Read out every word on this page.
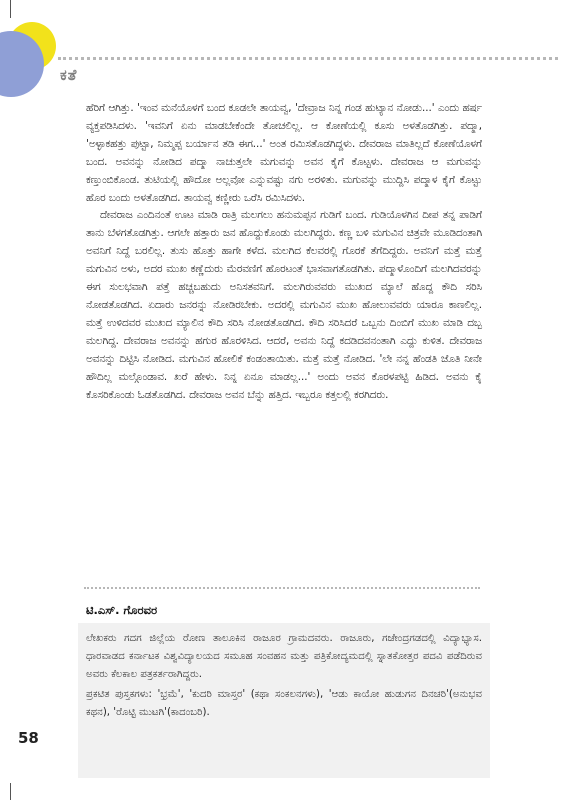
ಕತೆ

ಹೆರಿಗೆ ಆಗಿತ್ತು. 'ಇಂವ ಮನೆಯೊಳಗೆ ಬಂದ ಕೂಡಲೇ ತಾಯವ್ವ, 'ದೇವ್ರಾಜ ನಿನ್ನ ಗಂಡ ಹುಟ್ಯಾನ ನೋಡು...' ಎಂದು ಹರ್ಷ ವ್ಯಕ್ತಪಡಿಸಿದಳು. 'ಇವನಿಗೆ ಏನು ಮಾಡಬೇಕೆಂದೇ ತೋಚಲಿಲ್ಲ. ಆ ಕೋಣೆಯಲ್ಲಿ ಕೂಸು ಅಳತೊಡಗಿತ್ತು. ಪದ್ಮಾ, 'ಅಳ್ಳಾಕಹತ್ತು ಪುಟ್ಟಾ, ನಿಮ್ಮಪ್ಪ ಬರ್ಯಾನ ತಡಿ ಈಗ...' ಅಂತ ರಮಿಸತೊಡಗಿದ್ದಳು. ದೇವರಾಜ ಮಾತಿಲ್ಲದೆ ಕೋಣೆಯೊಳಗೆ ಬಂದ. ಅವನನ್ನು ನೋಡಿದ ಪದ್ಮಾ ನಾಚುತ್ತಲೇ ಮಗುವನ್ನು ಅವನ ಕೈಗೆ ಕೊಟ್ಟಳು. ದೇವರಾಜ ಆ ಮಗುವನ್ನು ಕಣ್ತುಂಬಿಕೊಂಡ. ತುಟಿಯಲ್ಲಿ ಹೌದೋ ಅಲ್ಲವೋ ಎನ್ನುವಷ್ಟು ನಗು ಅರಳಿತು. ಮಗುವನ್ನು ಮುದ್ದಿಸಿ ಪದ್ಮಾಳ ಕೈಗೆ ಕೊಟ್ಟು ಹೊರ ಬಂದು ಅಳತೊಡಗಿದ. ತಾಯವ್ವ ಕಣ್ಣೀರು ಒರೆಸಿ ರಮಿಸಿದಳು.

ದೇವರಾಜ ಎಂದಿನಂತೆ ಊಟ ಮಾಡಿ ರಾತ್ರಿ ಮಲಗಲು ಹನುಮಪ್ಪನ ಗುಡಿಗೆ ಬಂದ. ಗುಡಿಯೊಳಗಿನ ದೀಪ ತನ್ನ ಪಾಡಿಗೆ ತಾನು ಬೆಳಗತೊಡಗಿತ್ತು. ಆಗಲೇ ಹತ್ತಾರು ಜನ ಹೊದ್ದುಕೊಂಡು ಮಲಗಿದ್ದರು. ಕಣ್ಣ ಬಳಿ ಮಗುವಿನ ಚಿತ್ರವೇ ಮೂಡಿದಂತಾಗಿ ಅವನಿಗೆ ನಿದ್ದೆ ಬರಲಿಲ್ಲ. ತುಸು ಹೊತ್ತು ಹಾಗೇ ಕಳೆದ. ಮಲಗಿದ ಕೆಲವರಲ್ಲಿ ಗೊರಕೆ ತೆಗೆದಿದ್ದರು. ಅವನಿಗೆ ಮತ್ತೆ ಮತ್ತೆ ಮಗುವಿನ ಅಳು, ಅದರ ಮುಖ ಕಣ್ಣೆದುರು ಮೆರವಣಿಗೆ ಹೊರಟಂತೆ ಭಾಸವಾಗತೊಡಗಿತು. ಪದ್ಮಾಳೊಂದಿಗೆ ಮಲಗಿದವರನ್ನು ಈಗ ಸುಲಭವಾಗಿ ಪತ್ತೆ ಹಚ್ಚಬಹುದು ಅನಿಸತವನಿಗೆ. ಮಲಗಿರುವವರು ಮುಖದ ಮ್ಯಾಲೆ ಹೊದ್ದ ಕೌದಿ ಸರಿಸಿ ನೋಡತೊಡಗಿದ. ಏದಾರು ಜನರನ್ನು ನೋಡಿರಬೇಕು. ಅದರಲ್ಲಿ ಮಗುವಿನ ಮುಖ ಹೋಲುವವರು ಯಾರೂ ಕಾಣಲಿಲ್ಲ. ಮತ್ತೆ ಉಳಿದವರ ಮುಖದ ಮ್ಯಾಲಿನ ಕೌದಿ ಸರಿಸಿ ನೋಡತೊಡಗಿದ. ಕೌದಿ ಸರಿಸಿದರೆ ಒಬ್ಬನು ದಿಂಬಿಗೆ ಮುಖ ಮಾಡಿ ದಬ್ಬ ಮಲಗಿದ್ದ. ದೇವರಾಜ ಅವನನ್ನು ಹಗುರ ಹೊರಳಿಸಿದ. ಆದರೆ, ಅವನು ನಿದ್ದೆ ಕದಡಿದವನಂತಾಗಿ ಎದ್ದು ಕುಳಿತ. ದೇವರಾಜ ಅವನನ್ನು ದಿಟ್ಟಿಸಿ ನೋಡಿದ. ಮಗುವಿನ ಹೋಲಿಕೆ ಕಂಡಂತಾಯಿತು. ಮತ್ತೆ ಮತ್ತೆ ನೋಡಿದ. 'ಲೇ ನನ್ನ ಹೆಂಡತಿ ಜೊತಿ ನೀನೇ ಹೌದಿಲ್ಲ ಮಲ್ಗೊಂಡಾವ. ಖರೆ ಹೇಳು. ನಿನ್ನ ಏನೂ ಮಾಡಲ್ಲ...' ಅಂದು ಅವನ ಕೊರಳಪಟ್ಟಿ ಹಿಡಿದ. ಅವನು ಕೈ ಕೊಸರಿಕೊಂಡು ಓಡತೊಡಗಿದ. ದೇವರಾಜ ಅವನ ಬೆನ್ನು ಹತ್ತಿದ. ಇಬ್ಬರೂ ಕತ್ತಲಲ್ಲಿ ಕರಗಿದರು.

ಟಿ.ಎಸ್. ಗೊರವರ

ಲೇಖಕರು ಗದಗ ಜಿಲ್ಲೆಯ ರೋಣ ತಾಲೂಕಿನ ರಾಜೂರ ಗ್ರಾಮದವರು. ರಾಜೂರು, ಗಜೇಂದ್ರಗಡದಲ್ಲಿ ವಿದ್ಯಾಭ್ಯಾಸ. ಧಾರವಾಡದ ಕರ್ನಾಟಕ ವಿಶ್ವವಿದ್ಯಾಲಯದ ಸಮೂಹ ಸಂವಹನ ಮತ್ತು ಪತ್ರಿಕೋದ್ಯಮದಲ್ಲಿ ಸ್ನಾತಕೋತ್ತರ ಪದವಿ ಪಡೆದಿರುವ ಅವರು ಕೆಲಕಾಲ ಪತ್ರಕರ್ತರಾಗಿದ್ದರು.

ಪ್ರಕಟಿತ ಪುಸ್ತಕಗಳು: 'ಭ್ರಮೆ', 'ಕುದರಿ ಮಾಸ್ತರ' (ಕಥಾ ಸಂಕಲನಗಳು), 'ಆಡು ಕಾಯೋ ಹುಡುಗನ ದಿನಚರಿ'(ಅನುಭವ ಕಥನ), 'ರೊಟ್ಟಿ ಮುಟಗಿ'(ಕಾದಂಬರಿ).

58
